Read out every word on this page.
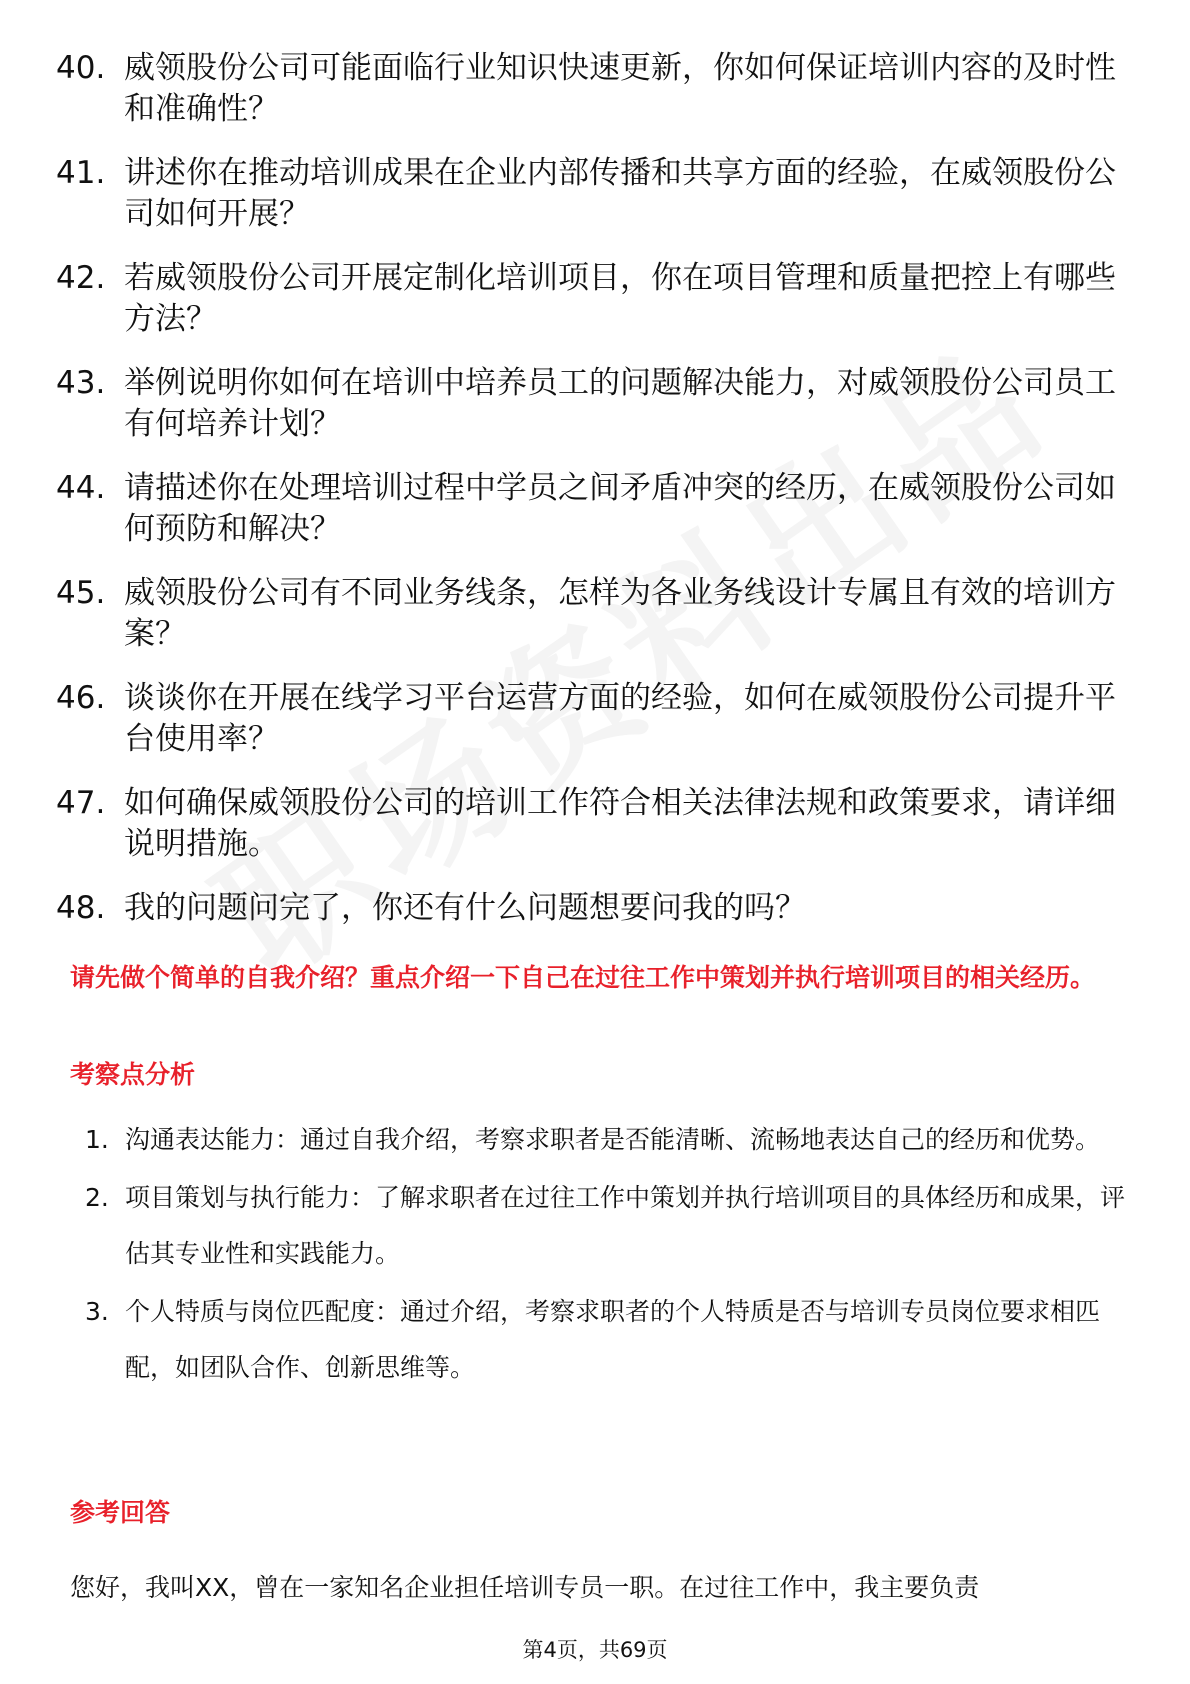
40. 威领股份公司可能面临行业知识快速更新，你如何保证培训内容的及时性和准确性？
41. 讲述你在推动培训成果在企业内部传播和共享方面的经验，在威领股份公司如何开展？
42. 若威领股份公司开展定制化培训项目，你在项目管理和质量把控上有哪些方法？
43. 举例说明你如何在培训中培养员工的问题解决能力，对威领股份公司员工有何培养计划？
44. 请描述你在处理培训过程中学员之间矛盾冲突的经历，在威领股份公司如何预防和解决？
45. 威领股份公司有不同业务线条，怎样为各业务线设计专属且有效的培训方案？
46. 谈谈你在开展在线学习平台运营方面的经验，如何在威领股份公司提升平台使用率？
47. 如何确保威领股份公司的培训工作符合相关法律法规和政策要求，请详细说明措施。
48. 我的问题问完了，你还有什么问题想要问我的吗？
请先做个简单的自我介绍？重点介绍一下自己在过往工作中策划并执行培训项目的相关经历。
考察点分析
1. 沟通表达能力：通过自我介绍，考察求职者是否能清晰、流畅地表达自己的经历和优势。
2. 项目策划与执行能力：了解求职者在过往工作中策划并执行培训项目的具体经历和成果，评估其专业性和实践能力。
3. 个人特质与岗位匹配度：通过介绍，考察求职者的个人特质是否与培训专员岗位要求相匹配，如团队合作、创新思维等。
参考回答
您好，我叫XX，曾在一家知名企业担任培训专员一职。在过往工作中，我主要负责
第4页，共69页
